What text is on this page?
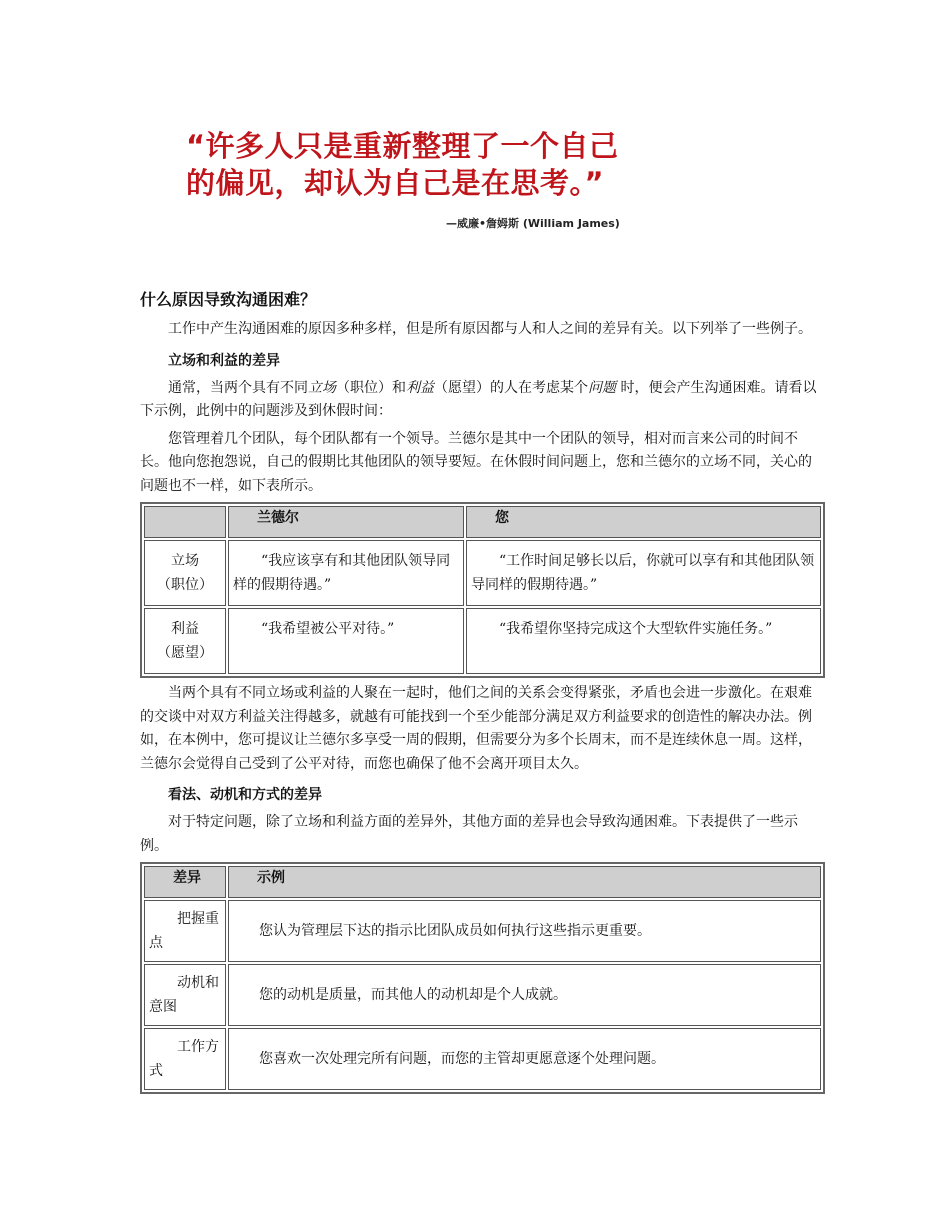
“许多人只是重新整理了一个自己
的偏见，却认为自己是在思考。”
—威廉•詹姆斯 (William James)
什么原因导致沟通困难？

工作中产生沟通困难的原因多种多样，但是所有原因都与人和人之间的差异有关。以下列举了一些例子。

立场和利益的差异

通常，当两个具有不同立场（职位）和利益（愿望）的人在考虑某个问题 时，便会产生沟通困难。请看以下示例，此例中的问题涉及到休假时间：

您管理着几个团队，每个团队都有一个领导。兰德尔是其中一个团队的领导，相对而言来公司的时间不长。他向您抱怨说，自己的假期比其他团队的领导要短。在休假时间问题上，您和兰德尔的立场不同，关心的问题也不一样，如下表所示。

	兰德尔	您
立场
（职位）	“我应该享有和其他团队领导同样的假期待遇。”	“工作时间足够长以后，你就可以享有和其他团队领导同样的假期待遇。”
利益
（愿望）	“我希望被公平对待。”	“我希望你坚持完成这个大型软件实施任务。”

当两个具有不同立场或利益的人聚在一起时，他们之间的关系会变得紧张，矛盾也会进一步激化。在艰难的交谈中对双方利益关注得越多，就越有可能找到一个至少能部分满足双方利益要求的创造性的解决办法。例如，在本例中，您可提议让兰德尔多享受一周的假期，但需要分为多个长周末，而不是连续休息一周。这样，兰德尔会觉得自己受到了公平对待，而您也确保了他不会离开项目太久。

看法、动机和方式的差异

对于特定问题，除了立场和利益方面的差异外，其他方面的差异也会导致沟通困难。下表提供了一些示例。

差异	示例
把握重点	您认为管理层下达的指示比团队成员如何执行这些指示更重要。
动机和意图	您的动机是质量，而其他人的动机却是个人成就。
工作方式	您喜欢一次处理完所有问题，而您的主管却更愿意逐个处理问题。
